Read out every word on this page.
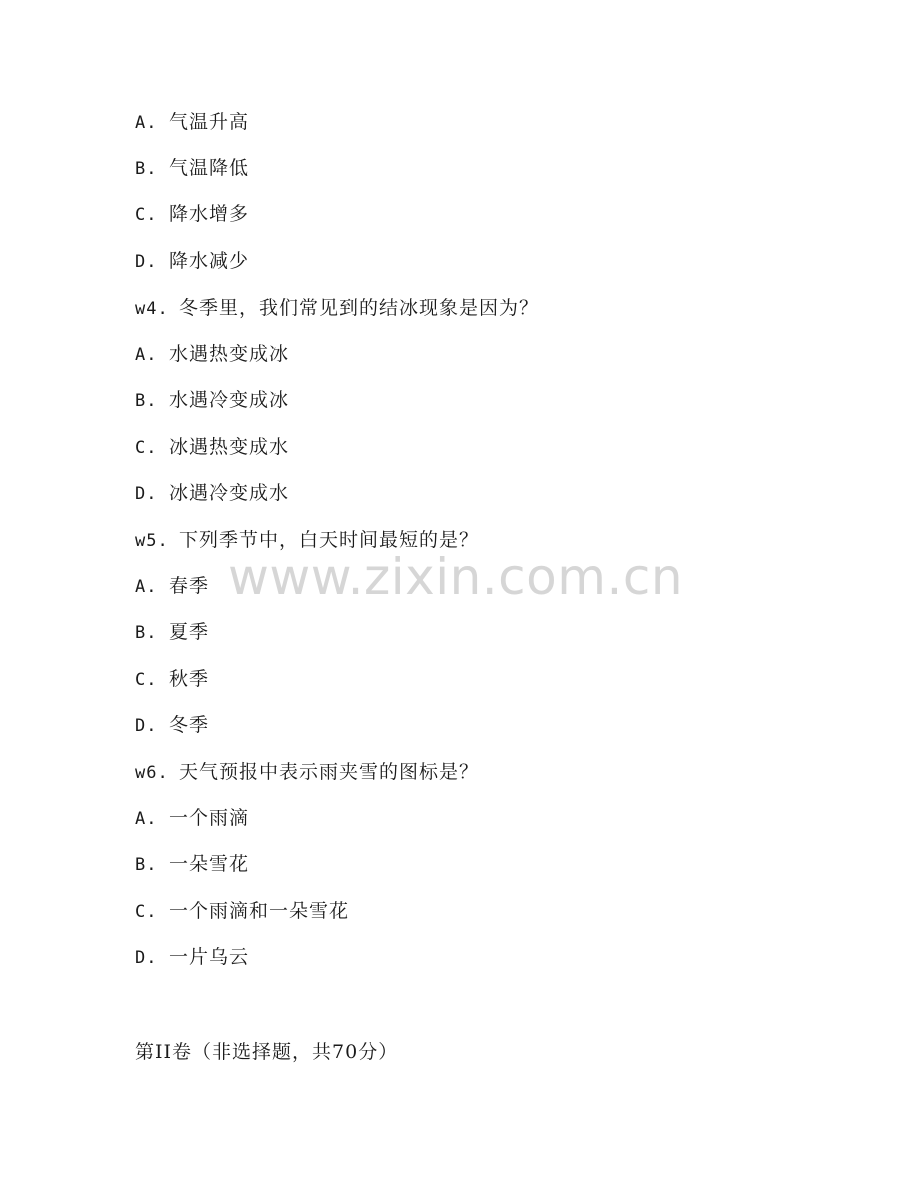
A. 气温升高
B. 气温降低
C. 降水增多
D. 降水减少
w4. 冬季里，我们常见到的结冰现象是因为？
A. 水遇热变成冰
B. 水遇冷变成冰
C. 冰遇热变成水
D. 冰遇冷变成水
w5. 下列季节中，白天时间最短的是？
A. 春季
B. 夏季
C. 秋季
D. 冬季
w6. 天气预报中表示雨夹雪的图标是？
A. 一个雨滴
B. 一朵雪花
C. 一个雨滴和一朵雪花
D. 一片乌云
第II卷（非选择题，共70分）
www.zixin.com.cn
